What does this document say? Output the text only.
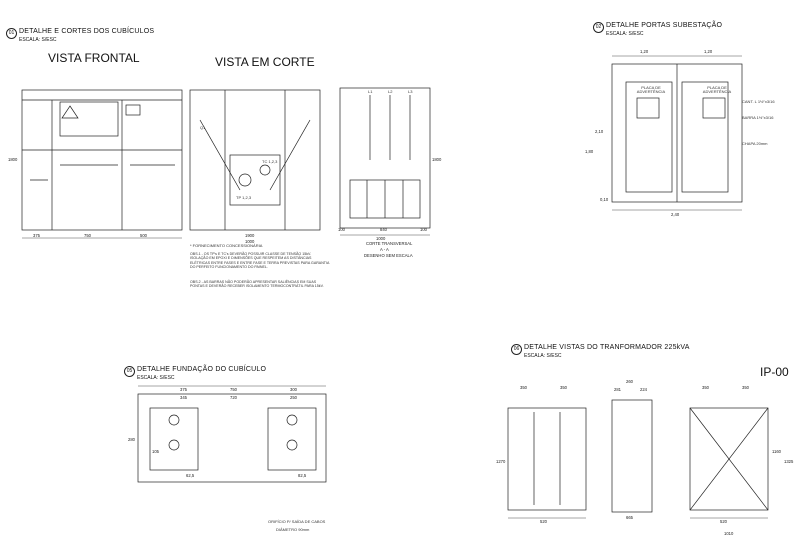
01 DETALHE E CORTES DOS CUBÍCULOS
ESCALA: S/ESC
02 DETALHE PORTAS SUBESTAÇÃO
ESCALA: S/ESC
05 DETALHE FUNDAÇÃO DO CUBÍCULO
ESCALA: S/ESC
06 DETALHE VISTAS DO TRANFORMADOR 225kVA
ESCALA: S/ESC
VISTA FRONTAL	VISTA EM CORTE
CORTE TRANSVERSAL
A - A
DESENHO SEM ESCALA
IP-00
375	750	500
1800
1900
1000
100	840
1000
100
1800
1,20	1,20
2,40
2,10
1,80
0,10
PLACA DE ADVERTÊNCIA
PLACA DE ADVERTÊNCIA
CANT. L 1½"x3/16
BARRA 1½"x3/16
CHAPA 20mm
Q1
TC 1,2,3
TP 1,2,3
L1	L2	L3
* FORNECIMENTO CONCESSIONÁRIA
OBS.1 - OS TP's E TC's DEVERÃO POSSUIR CLASSE DE TENSÃO 15kV. ISOLAÇÃO EM EPOXI E DIMENSÕES QUE RESPEITEM AS DISTÂNCIAS ELÉTRICAS ENTRE FASES E ENTRE FASE E TERRA PREVISTAS PARA GARANTIA DO PERFEITO FUNCIONAMENTO DO PAINEL.
OBS.2 - AS BARRAS NÃO PODERÃO APRESENTAR SALIÊNCIAS EM SUAS PONTAS E DEVERÃO RECEBER ISOLAMENTO TERMOCONTRÁTIL PARA 15kV.
375	750	300
345	720	250
62,5
105
280
82,5
ORIFÍCIO P/ SAÍDA DE CABOS
DIÂMETRO 90mm
350	350
260
281	224	350	350
1270
1160
1325
520	520
665
1010
